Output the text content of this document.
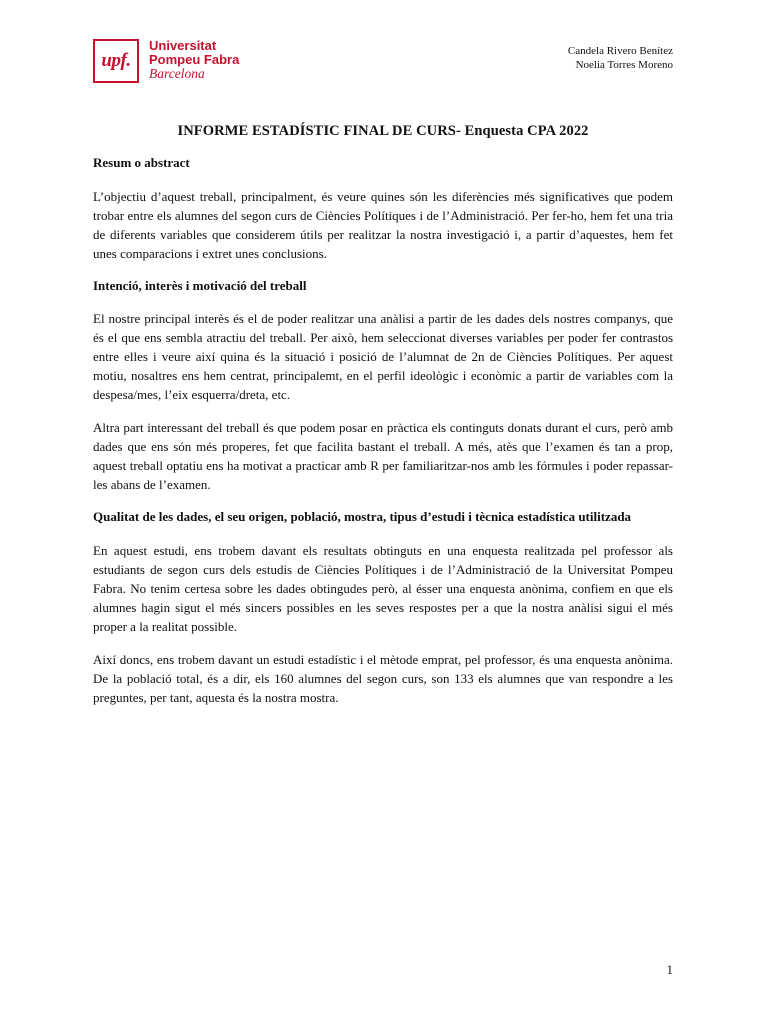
upf.
Universitat
Pompeu Fabra
Barcelona
Candela Rivero Benítez
Noelia Torres Moreno
INFORME ESTADÍSTIC FINAL DE CURS- Enquesta CPA 2022
Resum o abstract

L’objectiu d’aquest treball, principalment, és veure quines són les diferències més significatives que podem trobar entre els alumnes del segon curs de Ciències Polítiques i de l’Administració. Per fer-ho, hem fet una tria de diferents variables que considerem útils per realitzar la nostra investigació i, a partir d’aquestes, hem fet unes comparacions i extret unes conclusions.

Intenció, interès i motivació del treball

El nostre principal interès és el de poder realitzar una anàlisi a partir de les dades dels nostres companys, que és el que ens sembla atractiu del treball. Per això, hem seleccionat diverses variables per poder fer contrastos entre elles i veure així quina és la situació i posició de l’alumnat de 2n de Ciències Polítiques. Per aquest motiu, nosaltres ens hem centrat, principalemt, en el perfil ideològic i econòmic a partir de variables com la despesa/mes, l’eix esquerra/dreta, etc.

Altra part interessant del treball és que podem posar en pràctica els continguts donats durant el curs, però amb dades que ens són més properes, fet que facilita bastant el treball. A més, atès que l’examen és tan a prop, aquest treball optatiu ens ha motivat a practicar amb R per familiaritzar-nos amb les fórmules i poder repassar-les abans de l’examen.

Qualitat de les dades, el seu origen, població, mostra, tipus d’estudi i tècnica estadística utilitzada

En aquest estudi, ens trobem davant els resultats obtinguts en una enquesta realitzada pel professor als estudiants de segon curs dels estudis de Ciències Polítiques i de l’Administració de la Universitat Pompeu Fabra. No tenim certesa sobre les dades obtingudes però, al ésser una enquesta anònima, confiem en que els alumnes hagin sigut el més sincers possibles en les seves respostes per a que la nostra anàlisi sigui el més proper a la realitat possible.

Així doncs, ens trobem davant un estudi estadístic i el mètode emprat, pel professor, és una enquesta anònima. De la població total, és a dir, els 160 alumnes del segon curs, son 133 els alumnes que van respondre a les preguntes, per tant, aquesta és la nostra mostra.

1
